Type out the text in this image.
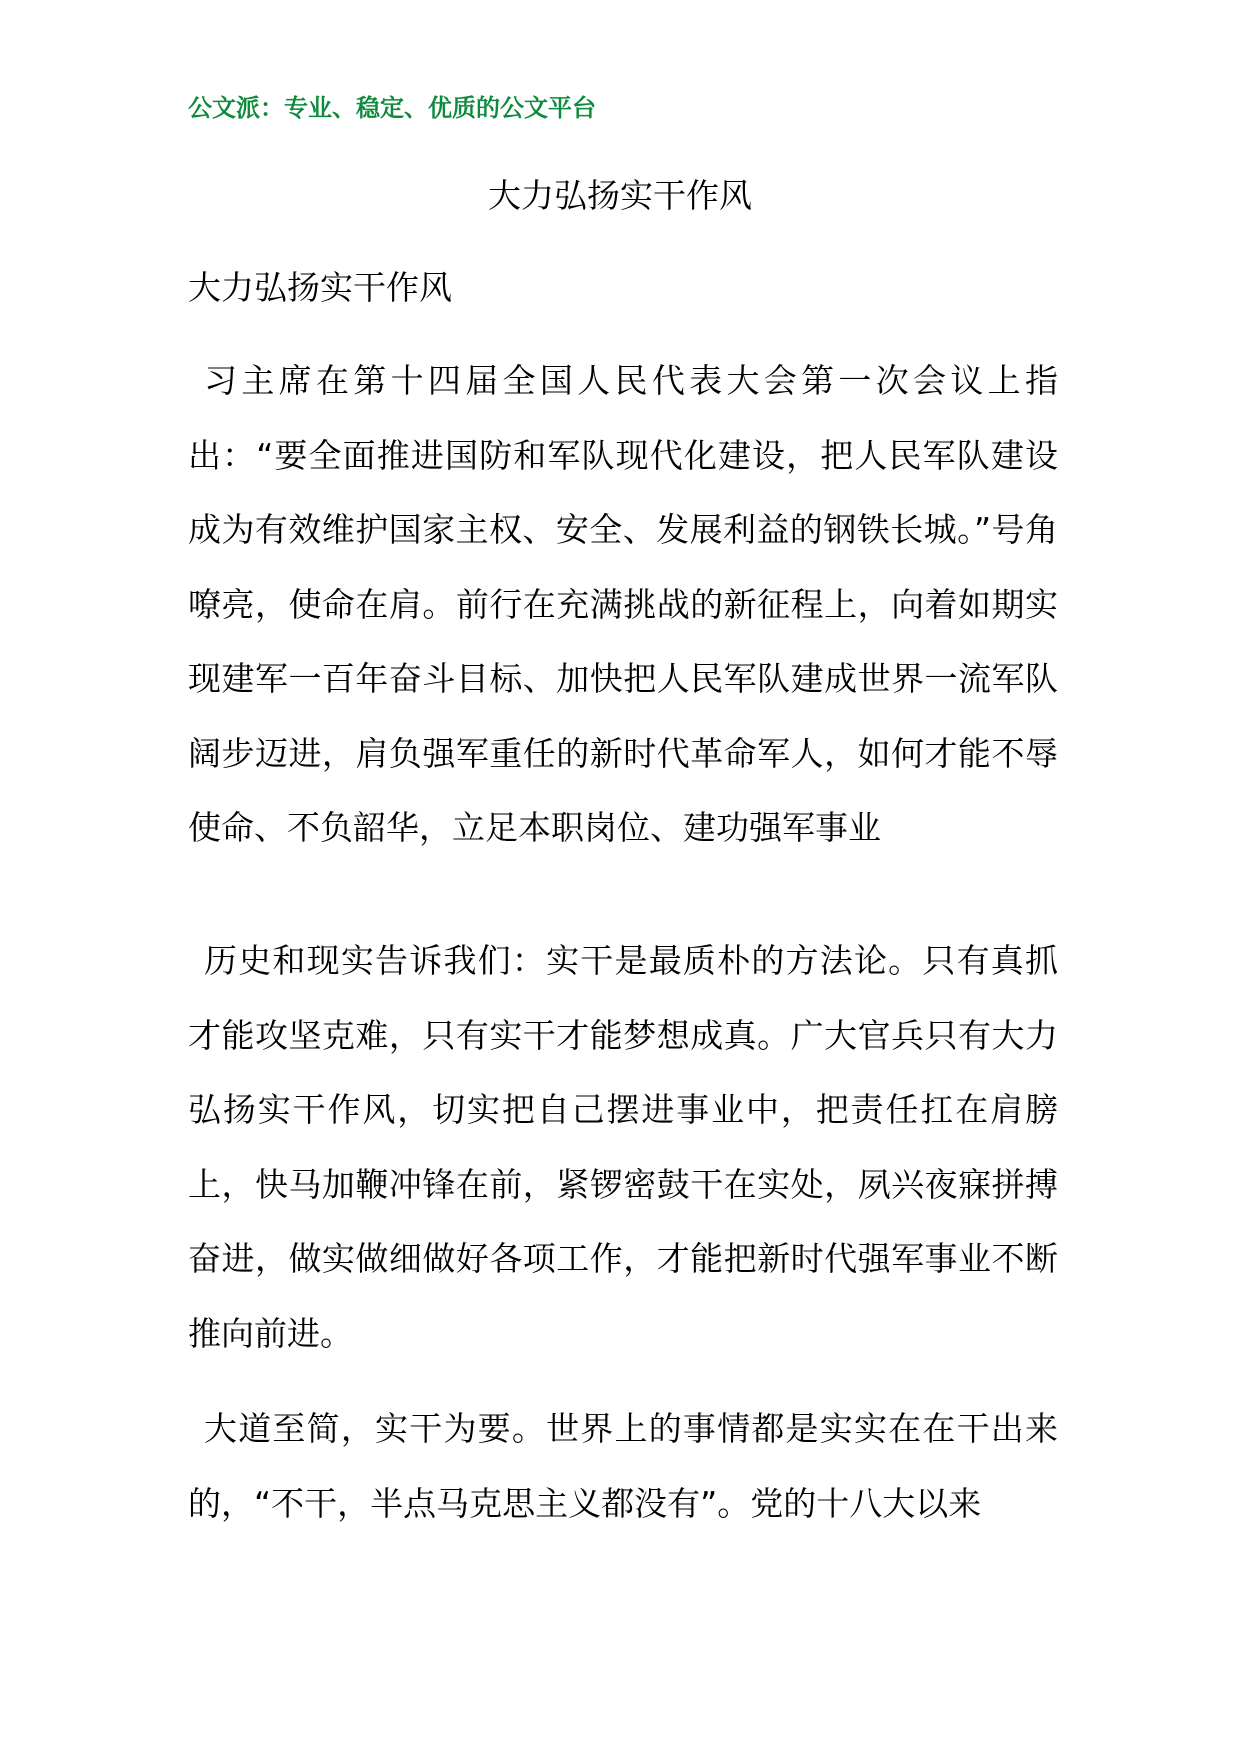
公文派：专业、稳定、优质的公文平台
大力弘扬实干作风
大力弘扬实干作风

习主席在第十四届全国人民代表大会第一次会议上指出：“要全面推进国防和军队现代化建设，把人民军队建设成为有效维护国家主权、安全、发展利益的钢铁长城。”号角嘹亮，使命在肩。前行在充满挑战的新征程上，向着如期实现建军一百年奋斗目标、加快把人民军队建成世界一流军队阔步迈进，肩负强军重任的新时代革命军人，如何才能不辱使命、不负韶华，立足本职岗位、建功强军事业

历史和现实告诉我们：实干是最质朴的方法论。只有真抓才能攻坚克难，只有实干才能梦想成真。广大官兵只有大力弘扬实干作风，切实把自己摆进事业中，把责任扛在肩膀上，快马加鞭冲锋在前，紧锣密鼓干在实处，夙兴夜寐拼搏奋进，做实做细做好各项工作，才能把新时代强军事业不断推向前进。

大道至简，实干为要。世界上的事情都是实实在在干出来的，“不干，半点马克思主义都没有”。党的十八大以来
